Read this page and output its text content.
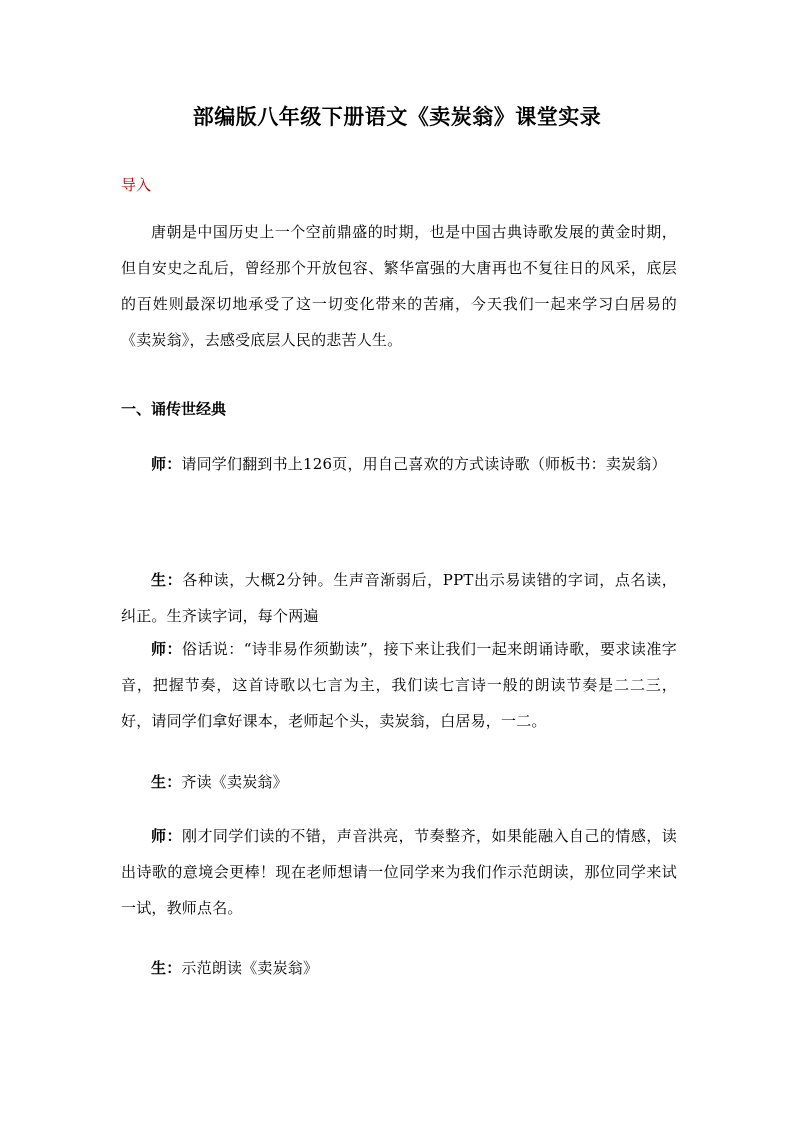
部编版八年级下册语文《卖炭翁》课堂实录
导入
唐朝是中国历史上一个空前鼎盛的时期，也是中国古典诗歌发展的黄金时期，但自安史之乱后，曾经那个开放包容、繁华富强的大唐再也不复往日的风采，底层的百姓则最深切地承受了这一切变化带来的苦痛，今天我们一起来学习白居易的《卖炭翁》，去感受底层人民的悲苦人生。
一、诵传世经典
师：请同学们翻到书上126页，用自己喜欢的方式读诗歌（师板书：卖炭翁）
生：各种读，大概2分钟。生声音渐弱后，PPT出示易读错的字词，点名读，纠正。生齐读字词，每个两遍
师：俗话说：“诗非易作须勤读”，接下来让我们一起来朗诵诗歌，要求读准字音，把握节奏，这首诗歌以七言为主，我们读七言诗一般的朗读节奏是二二三，好，请同学们拿好课本，老师起个头，卖炭翁，白居易，一二。
生：齐读《卖炭翁》
师：刚才同学们读的不错，声音洪亮，节奏整齐，如果能融入自己的情感，读出诗歌的意境会更棒！现在老师想请一位同学来为我们作示范朗读，那位同学来试一试，教师点名。
生：示范朗读《卖炭翁》
